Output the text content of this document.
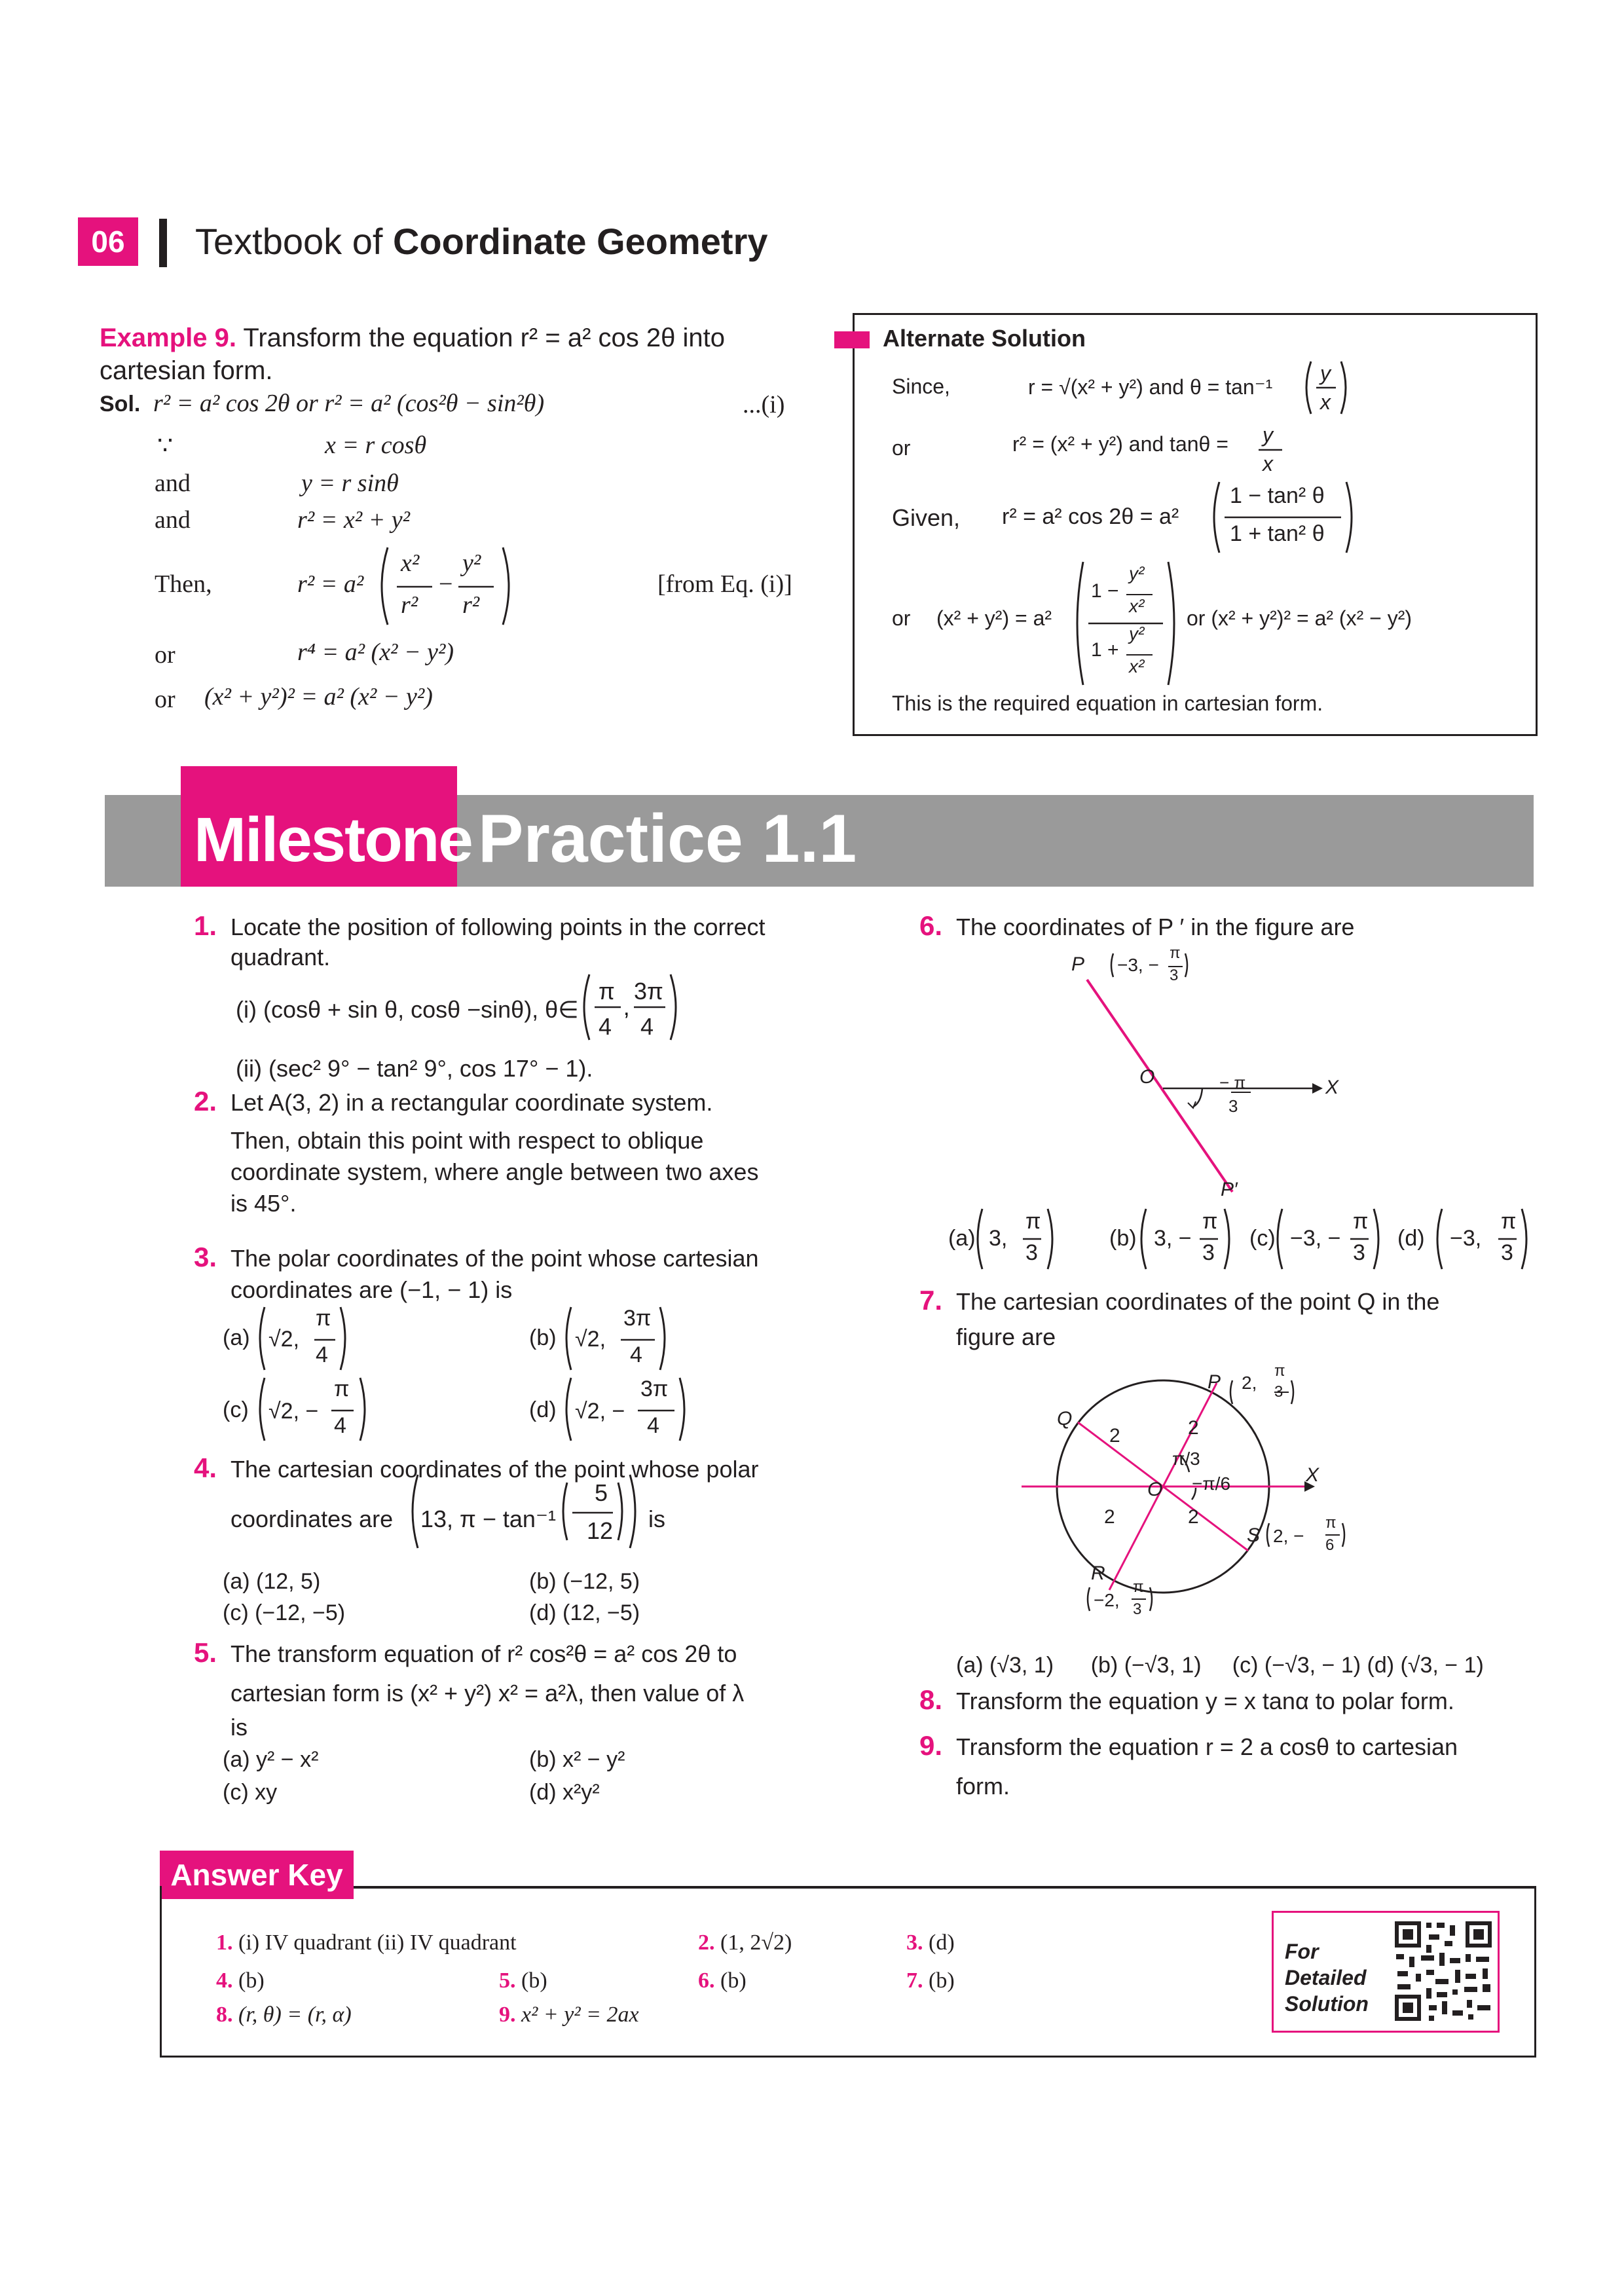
06	Textbook of Coordinate Geometry
Example 9. Transform the equation r² = a² cos 2θ into
cartesian form.
Sol. r² = a² cos 2θ or r² = a² (cos²θ − sin²θ)	...(i)
∵	x = r cosθ
and	y = r sinθ
and	r² = x² + y²
Then,	r² = a²
x²
r²
−
y²
r²
[from Eq. (i)]
or	r⁴ = a² (x² − y²)
or (x² + y²)² = a² (x² − y²)
Alternate Solution
Since,	r = √(x² + y²) and θ = tan⁻¹
y
x
or	r² = (x² + y²) and tanθ = y
x
Given, r² = a² cos 2θ = a²
1 − tan² θ
1 + tan² θ
or (x² + y²) = a²
y²
1 −
x²
y²
1 +
x²
or (x² + y²)² = a² (x² − y²)
This is the required equation in cartesian form.
Milestone Practice 1.1
1. Locate the position of following points in the correct
quadrant.
(i) (cosθ + sin θ, cosθ −sinθ), θ∈ ,
π
4
3π
4
(ii) (sec² 9° − tan² 9°, cos 17° − 1).
2. Let A(3, 2) in a rectangular coordinate system.
Then, obtain this point with respect to oblique
coordinate system, where angle between two axes
is 45°.
3. The polar coordinates of the point whose cartesian
coordinates are (−1, − 1) is
(a) √2,
π
4
(b) √2,
3π
4
(c) √2, −
π
4
(d) √2, −
3π
4
4. The cartesian coordinates of the point whose polar
coordinates are 13, π − tan⁻¹
5
12 is
(a) (12, 5)	(b) (−12, 5)
(c) (−12, −5)	(d) (12, −5)
5. The transform equation of r² cos²θ = a² cos 2θ to
cartesian form is (x² + y²) x² = a²λ, then value of λ
is
(a) y² − x²	(b) x² − y²
(c) xy	(d) x²y²
6. The coordinates of P ′ in the figure are
P −3, −
π
3
O	X
− π
3
P′
(a) 3,
π
3
(b) 3, −
π
3
(c) −3, −
π
3
(d) −3,
π
3
7. The cartesian coordinates of the point Q in the
figure are
P 2,
π
3
Q
2	2
π/3
−π/6
O
X
2	2
S 2, −
π
6
R
−2,
π
3
(a) (√3, 1)      (b) (−√3, 1)     (c) (−√3, − 1) (d) (√3, − 1)
8. Transform the equation y = x tanα to polar form.
9. Transform the equation r = 2 a cosθ to cartesian
form.
Answer Key
1. (i) IV quadrant (ii) IV quadrant	2. (1, 2√2)	3. (d)
4. (b)	5. (b)	6. (b)	7. (b)
8. (r, θ) = (r, α)	9. x² + y² = 2ax
For
Detailed
Solution
